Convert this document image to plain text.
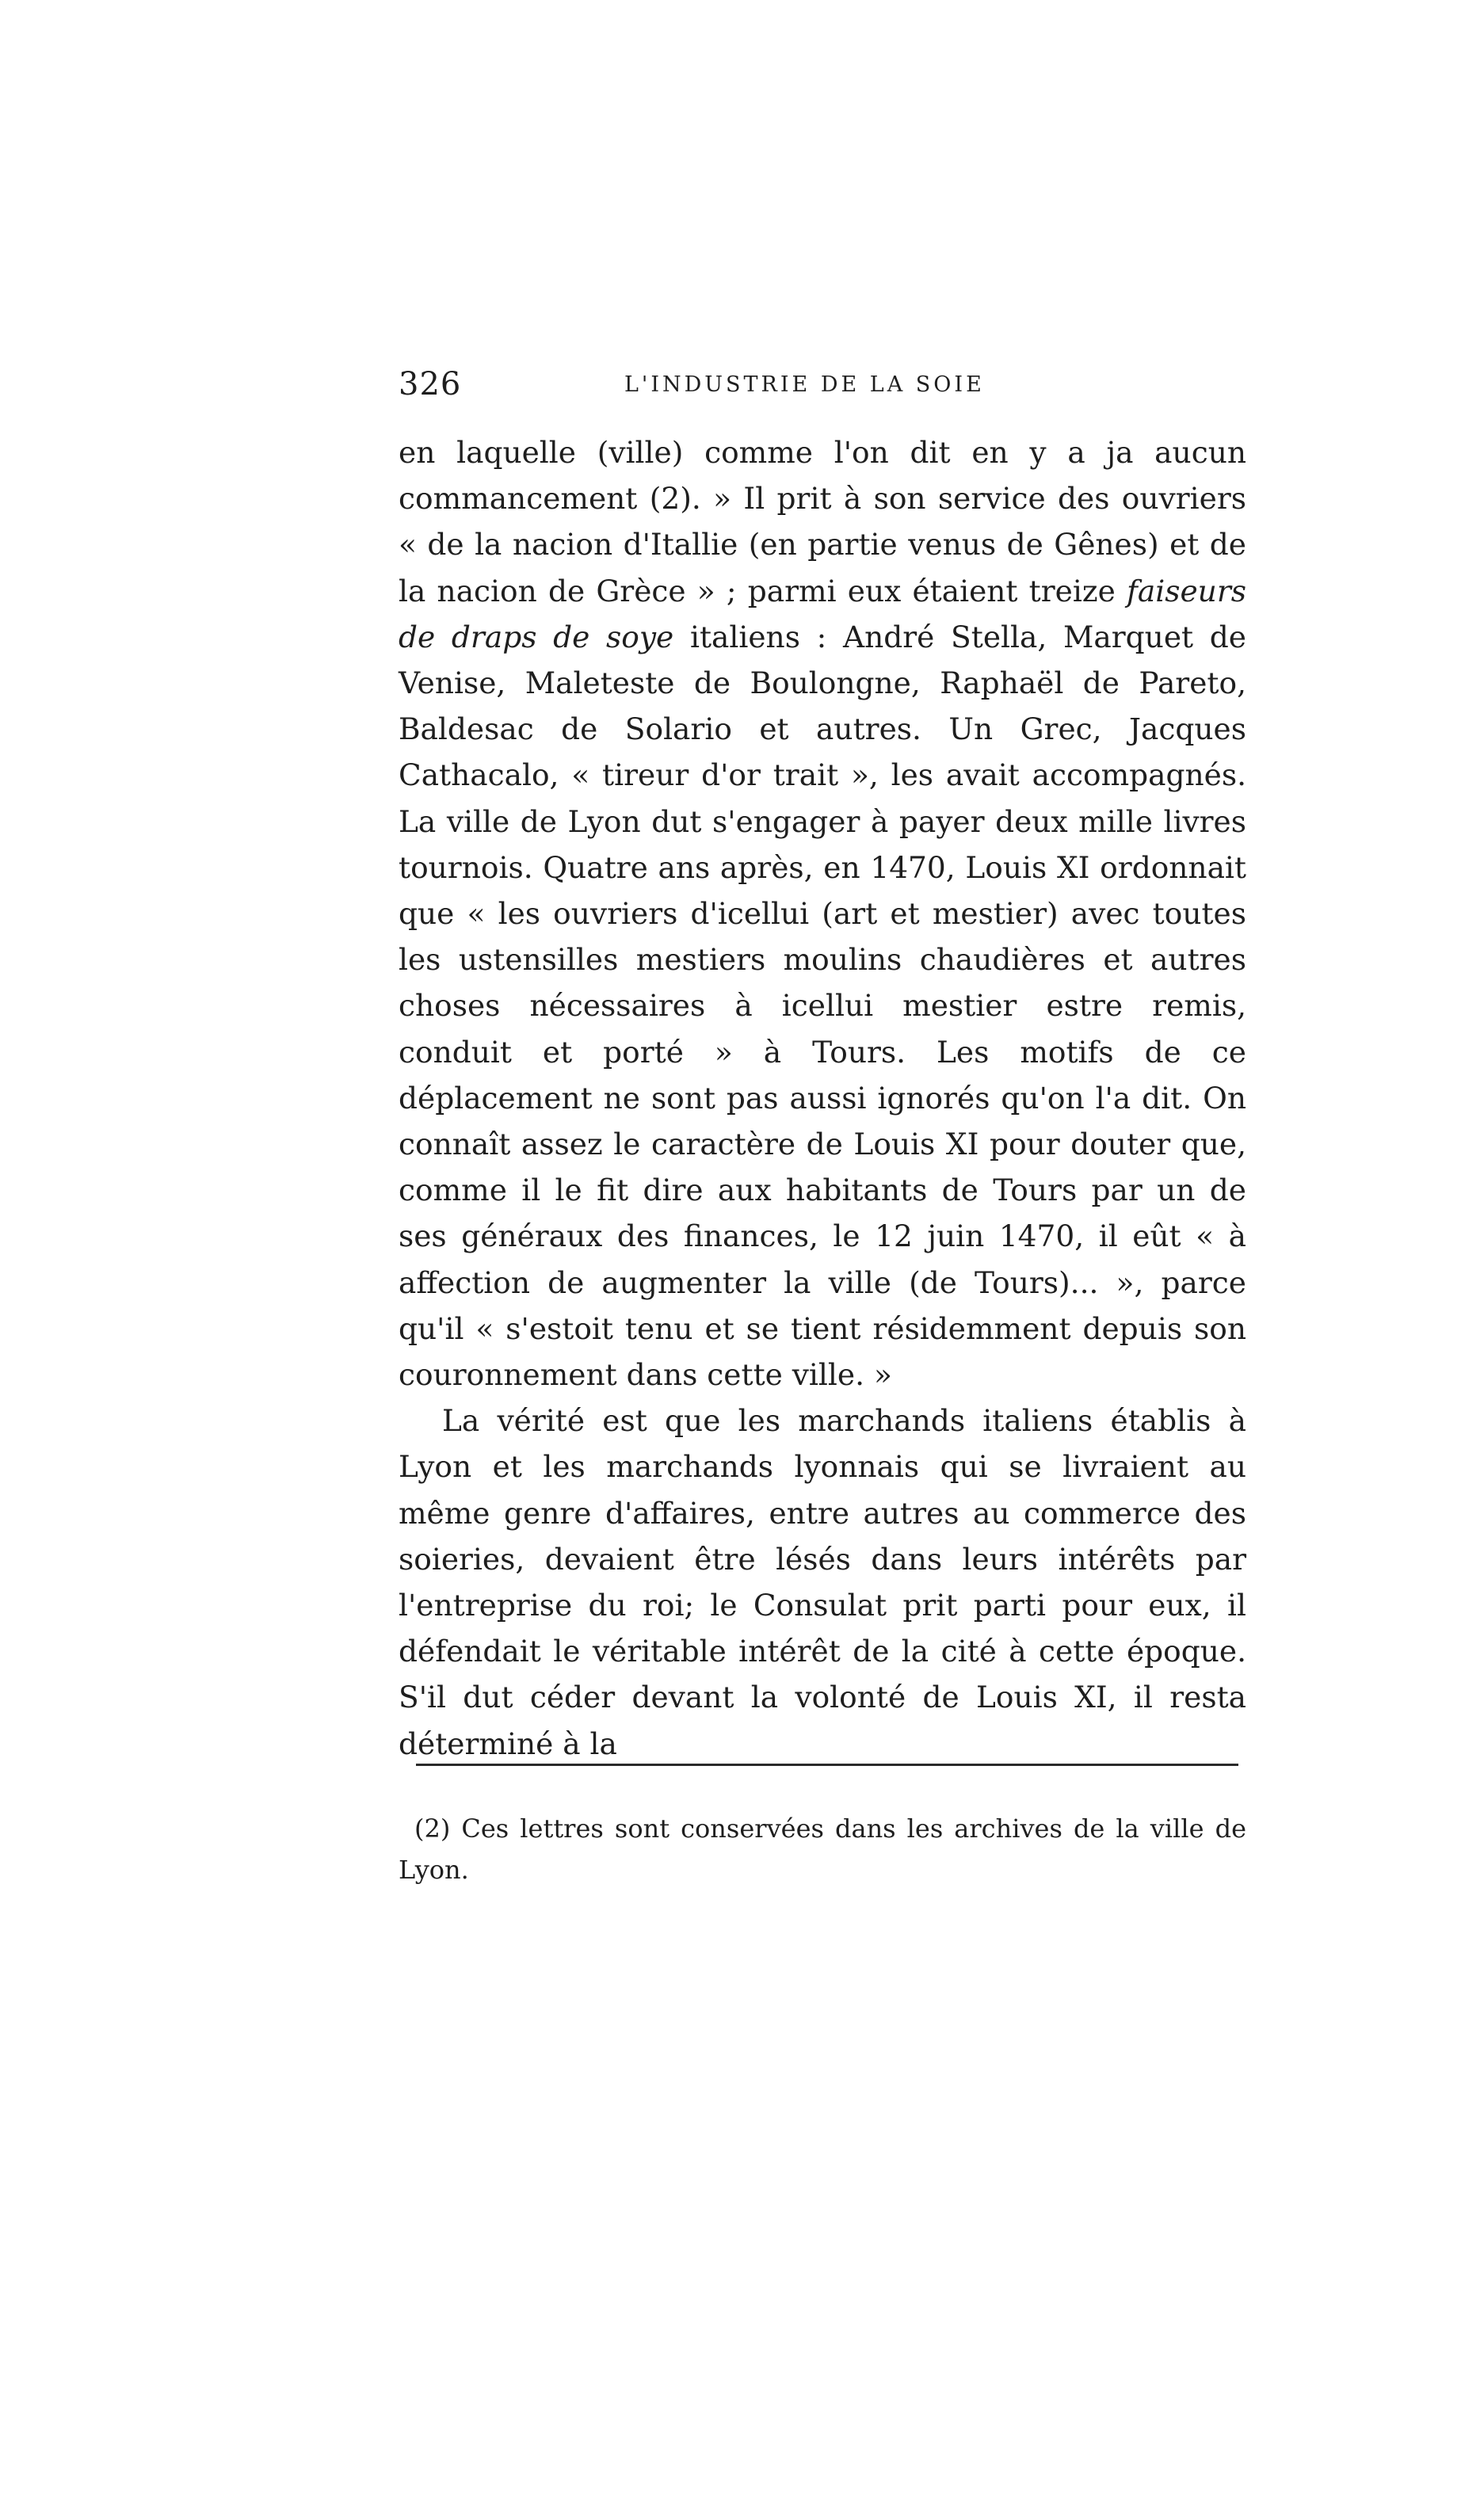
326	L'INDUSTRIE DE LA SOIE

en laquelle (ville) comme l'on dit en y a ja aucun commancement (2). » Il prit à son service des ouvriers « de la nacion d'Itallie (en partie venus de Gênes) et de la nacion de Grèce » ; parmi eux étaient treize faiseurs de draps de soye italiens : André Stella, Marquet de Venise, Maleteste de Boulongne, Raphaël de Pareto, Baldesac de Solario et autres. Un Grec, Jacques Cathacalo, « tireur d'or trait », les avait accompagnés. La ville de Lyon dut s'engager à payer deux mille livres tournois. Quatre ans après, en 1470, Louis XI ordonnait que « les ouvriers d'icellui (art et mestier) avec toutes les ustensilles mestiers moulins chaudières et autres choses nécessaires à icellui mestier estre remis, conduit et porté » à Tours. Les motifs de ce déplacement ne sont pas aussi ignorés qu'on l'a dit. On connaît assez le caractère de Louis XI pour douter que, comme il le fit dire aux habitants de Tours par un de ses généraux des finances, le 12 juin 1470, il eût « à affection de augmenter la ville (de Tours)... », parce qu'il « s'estoit tenu et se tient résidemment depuis son couronnement dans cette ville. »

La vérité est que les marchands italiens établis à Lyon et les marchands lyonnais qui se livraient au même genre d'affaires, entre autres au commerce des soieries, devaient être lésés dans leurs intérêts par l'entreprise du roi; le Consulat prit parti pour eux, il défendait le véritable intérêt de la cité à cette époque. S'il dut céder devant la volonté de Louis XI, il resta déterminé à la

(2) Ces lettres sont conservées dans les archives de la ville de Lyon.
